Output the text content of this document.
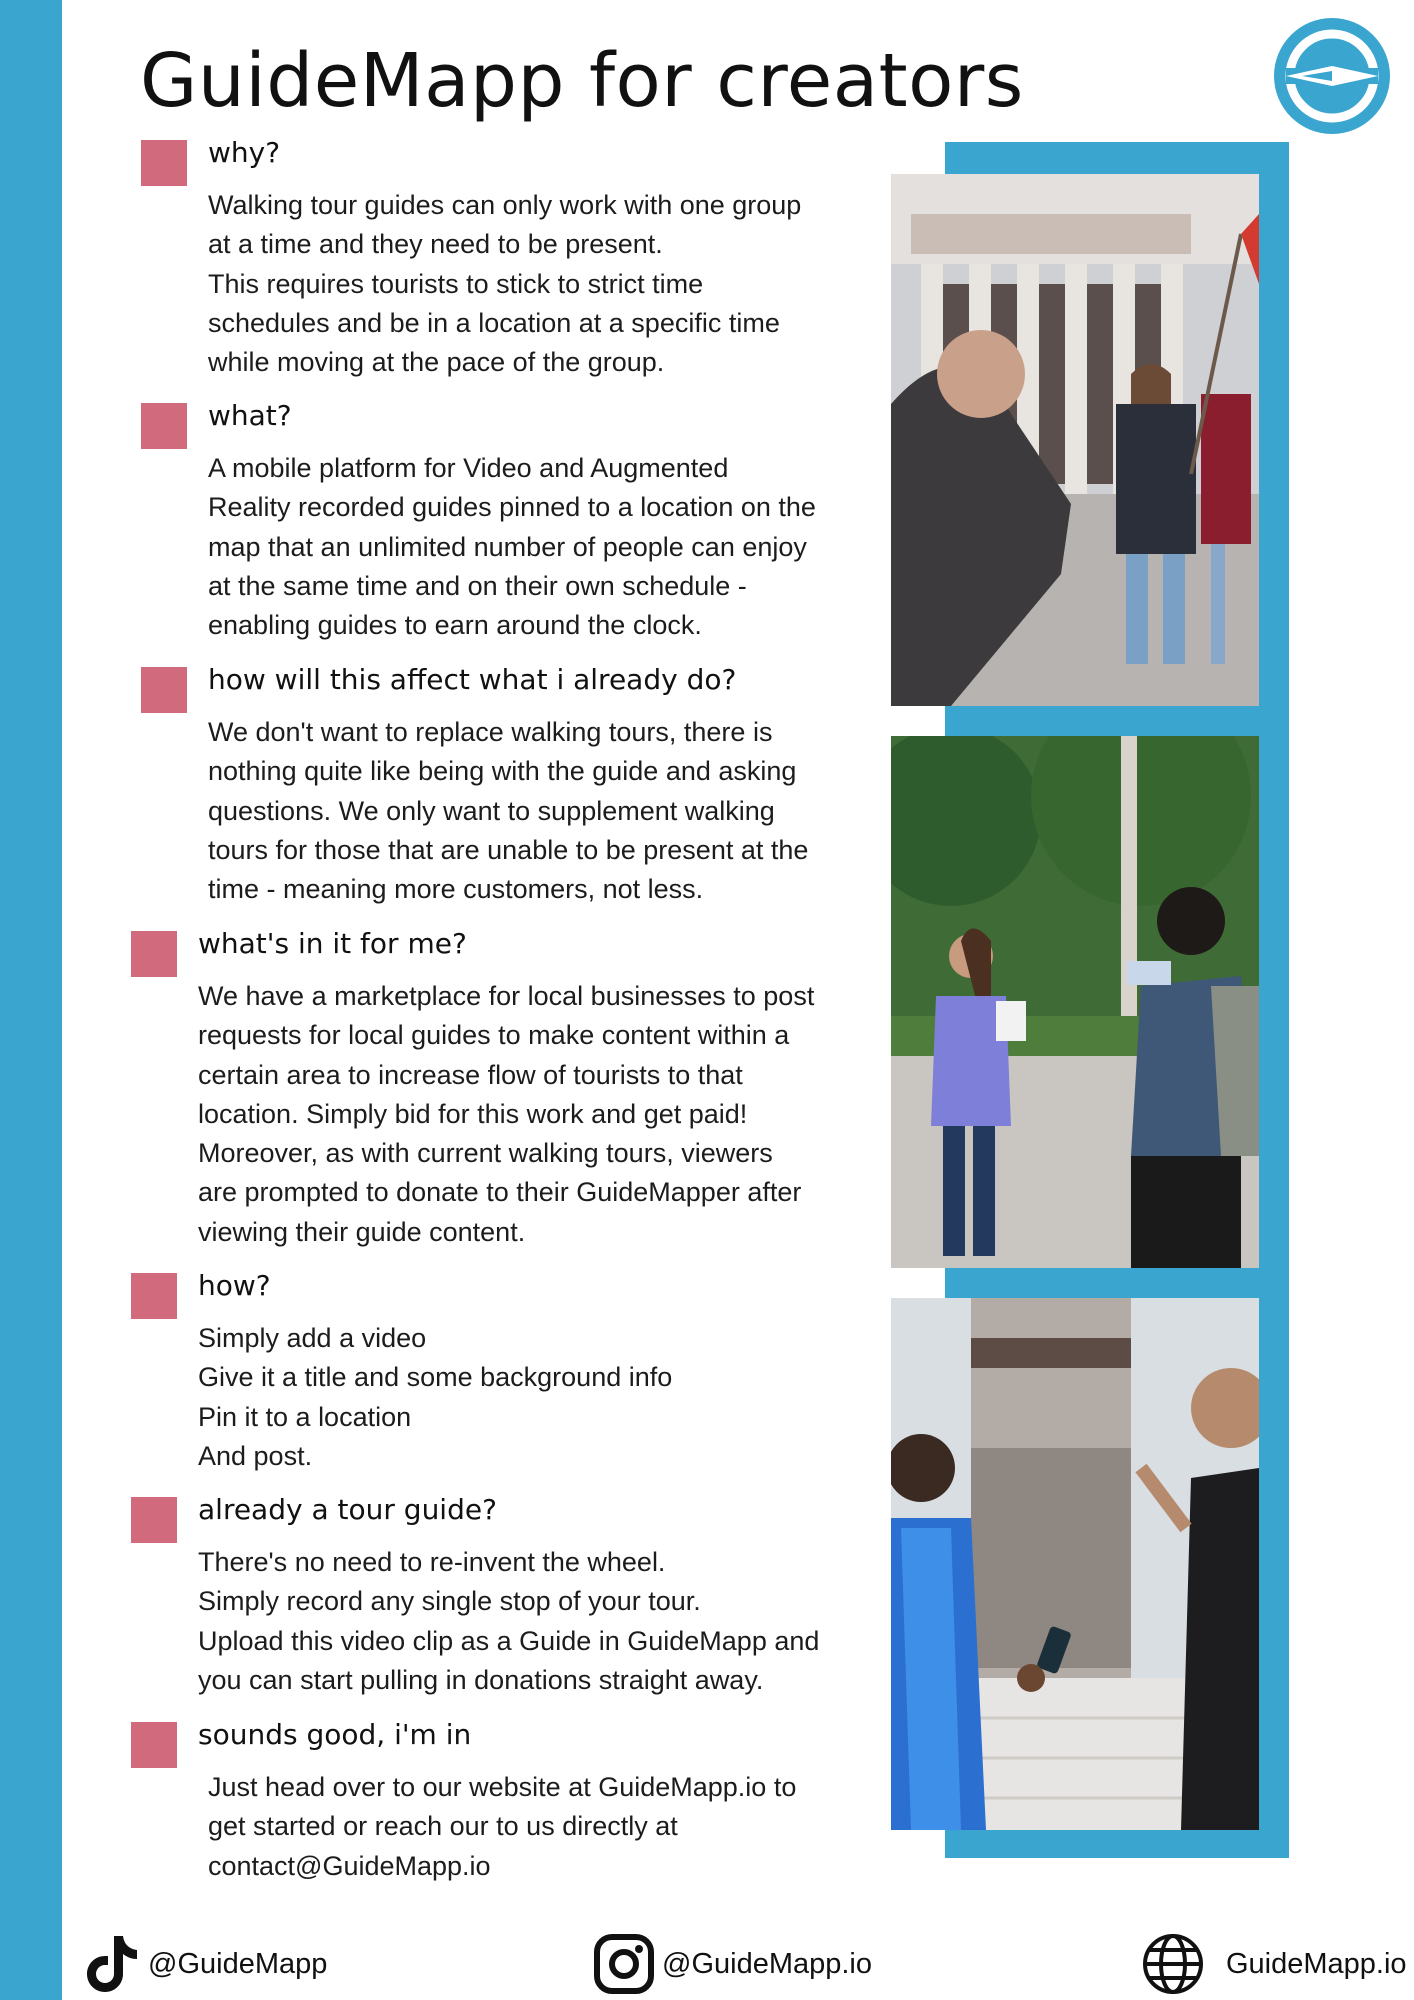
GuideMapp for creators
why?
Walking tour guides can only work with one group
at a time and they need to be present.
This requires tourists to stick to strict time
schedules and be in a location at a specific time
while moving at the pace of the group.
what?
A mobile platform for Video and Augmented
Reality recorded guides pinned to a location on the
map that an unlimited number of people can enjoy
at the same time and on their own schedule -
enabling guides to earn around the clock.
how will this affect what i already do?
We don't want to replace walking tours, there is
nothing quite like being with the guide and asking
questions. We only want to supplement walking
tours for those that are unable to be present at the
time - meaning more customers, not less.
what's in it for me?
We have a marketplace for local businesses to post
requests for local guides to make content within a
certain area to increase flow of tourists to that
location. Simply bid for this work and get paid!
Moreover, as with current walking tours, viewers
are prompted to donate to their GuideMapper after
viewing their guide content.
how?
Simply add a video
Give it a title and some background info
Pin it to a location
And post.
already a tour guide?
There's no need to re-invent the wheel.
Simply record any single stop of your tour.
Upload this video clip as a Guide in GuideMapp and
you can start pulling in donations straight away.
sounds good, i'm in
Just head over to our website at GuideMapp.io to
get started or reach our to us directly at
contact@GuideMapp.io
@GuideMapp	@GuideMapp.io	GuideMapp.io
